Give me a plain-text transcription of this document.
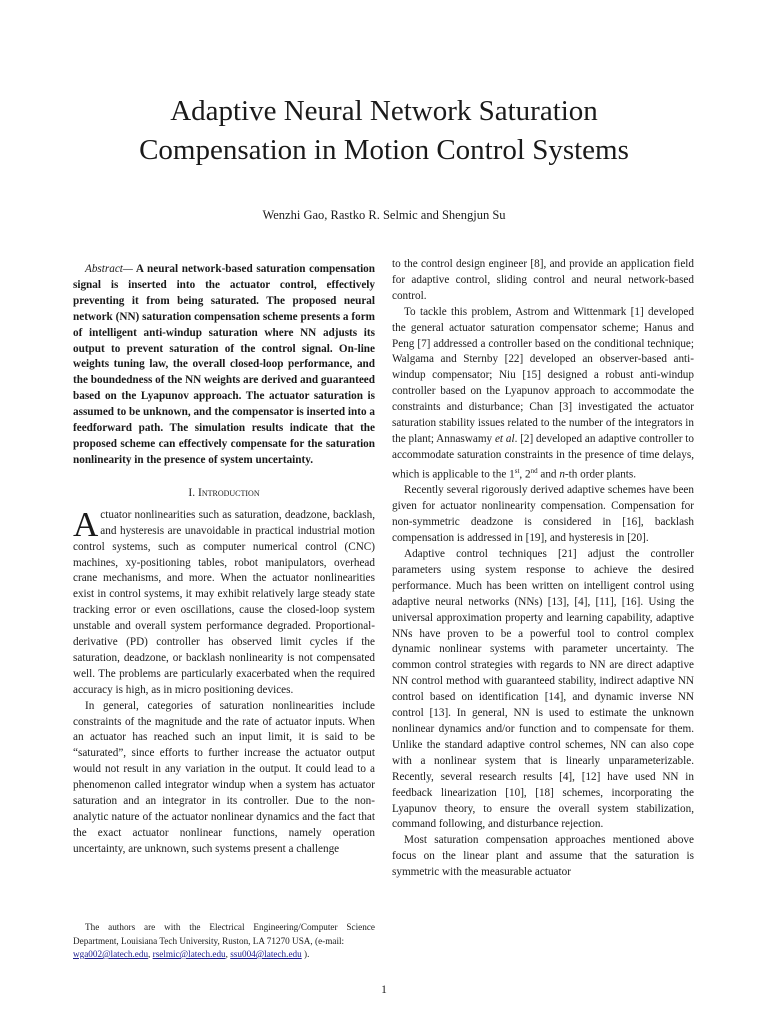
Adaptive Neural Network Saturation
Compensation in Motion Control Systems
Wenzhi Gao, Rastko R. Selmic and Shengjun Su

Abstract— A neural network-based saturation compensation signal is inserted into the actuator control, effectively preventing it from being saturated. The proposed neural network (NN) saturation compensation scheme presents a form of intelligent anti-windup saturation where NN adjusts its output to prevent saturation of the control signal. On-line weights tuning law, the overall closed-loop performance, and the boundedness of the NN weights are derived and guaranteed based on the Lyapunov approach. The actuator saturation is assumed to be unknown, and the compensator is inserted into a feedforward path. The simulation results indicate that the proposed scheme can effectively compensate for the saturation nonlinearity in the presence of system uncertainty.

I. Introduction

Actuator nonlinearities such as saturation, deadzone, backlash, and hysteresis are unavoidable in practical industrial motion control systems, such as computer numerical control (CNC) machines, xy-positioning tables, robot manipulators, overhead crane mechanisms, and more. When the actuator nonlinearities exist in control systems, it may exhibit relatively large steady state tracking error or even oscillations, cause the closed-loop system unstable and overall system performance degraded. Proportional-derivative (PD) controller has observed limit cycles if the saturation, deadzone, or backlash nonlinearity is not compensated well. The problems are particularly exacerbated when the required accuracy is high, as in micro positioning devices.

In general, categories of saturation nonlinearities include constraints of the magnitude and the rate of actuator inputs. When an actuator has reached such an input limit, it is said to be “saturated”, since efforts to further increase the actuator output would not result in any variation in the output. It could lead to a phenomenon called integrator windup when a system has actuator saturation and an integrator in its controller. Due to the non-analytic nature of the actuator nonlinear dynamics and the fact that the exact actuator nonlinear functions, namely operation uncertainty, are unknown, such systems present a challenge

The authors are with the Electrical Engineering/Computer Science Department, Louisiana Tech University, Ruston, LA 71270 USA, (e-mail:
wga002@latech.edu, rselmic@latech.edu, ssu004@latech.edu ).

to the control design engineer [8], and provide an application field for adaptive control, sliding control and neural network-based control.

To tackle this problem, Astrom and Wittenmark [1] developed the general actuator saturation compensator scheme; Hanus and Peng [7] addressed a controller based on the conditional technique; Walgama and Sternby [22] developed an observer-based anti-windup compensator; Niu [15] designed a robust anti-windup controller based on the Lyapunov approach to accommodate the constraints and disturbance; Chan [3] investigated the actuator saturation stability issues related to the number of the integrators in the plant; Annaswamy et al. [2] developed an adaptive controller to accommodate saturation constraints in the presence of time delays, which is applicable to the 1st, 2nd and n-th order plants.

Recently several rigorously derived adaptive schemes have been given for actuator nonlinearity compensation. Compensation for non-symmetric deadzone is considered in [16], backlash compensation is addressed in [19], and hysteresis in [20].

Adaptive control techniques [21] adjust the controller parameters using system response to achieve the desired performance. Much has been written on intelligent control using adaptive neural networks (NNs) [13], [4], [11], [16]. Using the universal approximation property and learning capability, adaptive NNs have proven to be a powerful tool to control complex dynamic nonlinear systems with parameter uncertainty. The common control strategies with regards to NN are direct adaptive NN control method with guaranteed stability, indirect adaptive NN control based on identification [14], and dynamic inverse NN control [13]. In general, NN is used to estimate the unknown nonlinear dynamics and/or function and to compensate for them. Unlike the standard adaptive control schemes, NN can also cope with a nonlinear system that is linearly unparameterizable. Recently, several research results [4], [12] have used NN in feedback linearization [10], [18] schemes, incorporating the Lyapunov theory, to ensure the overall system stabilization, command following, and disturbance rejection.

Most saturation compensation approaches mentioned above focus on the linear plant and assume that the saturation is symmetric with the measurable actuator

1
